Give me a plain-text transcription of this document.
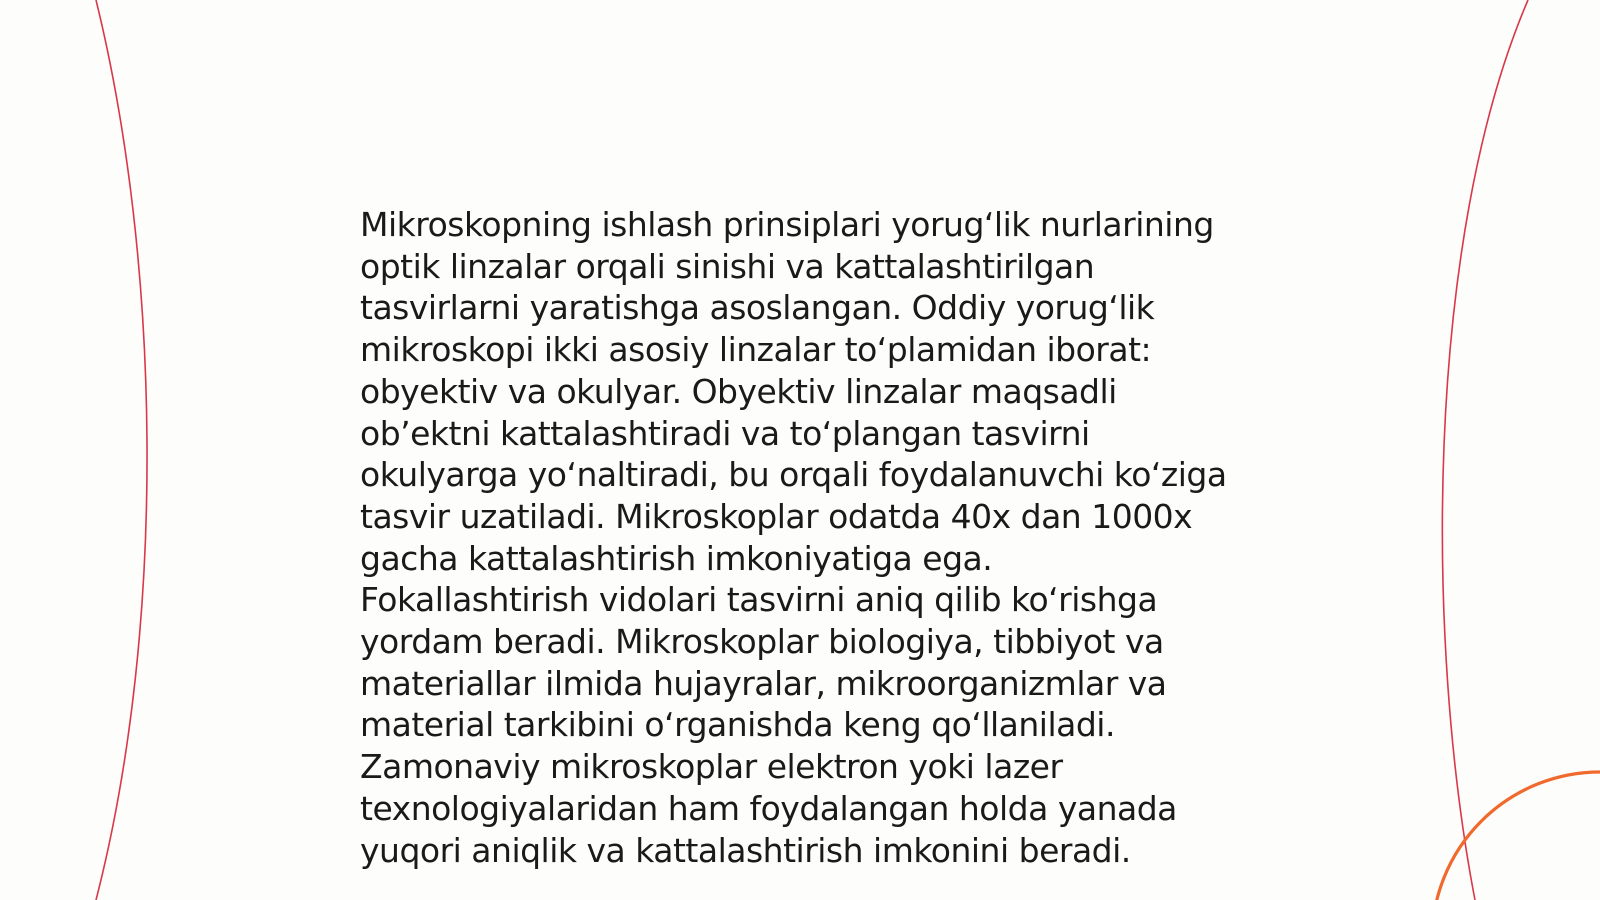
Mikroskopning ishlash prinsiplari yorugʻlik nurlarining
optik linzalar orqali sinishi va kattalashtirilgan
tasvirlarni yaratishga asoslangan. Oddiy yorugʻlik
mikroskopi ikki asosiy linzalar toʻplamidan iborat:
obyektiv va okulyar. Obyektiv linzalar maqsadli
obʼektni kattalashtiradi va toʻplangan tasvirni
okulyarga yoʻnaltiradi, bu orqali foydalanuvchi koʻziga
tasvir uzatiladi. Mikroskoplar odatda 40x dan 1000x
gacha kattalashtirish imkoniyatiga ega.
Fokallashtirish vidolari tasvirni aniq qilib koʻrishga
yordam beradi. Mikroskoplar biologiya, tibbiyot va
materiallar ilmida hujayralar, mikroorganizmlar va
material tarkibini oʻrganishda keng qoʻllaniladi.
Zamonaviy mikroskoplar elektron yoki lazer
texnologiyalaridan ham foydalangan holda yanada
yuqori aniqlik va kattalashtirish imkonini beradi.
